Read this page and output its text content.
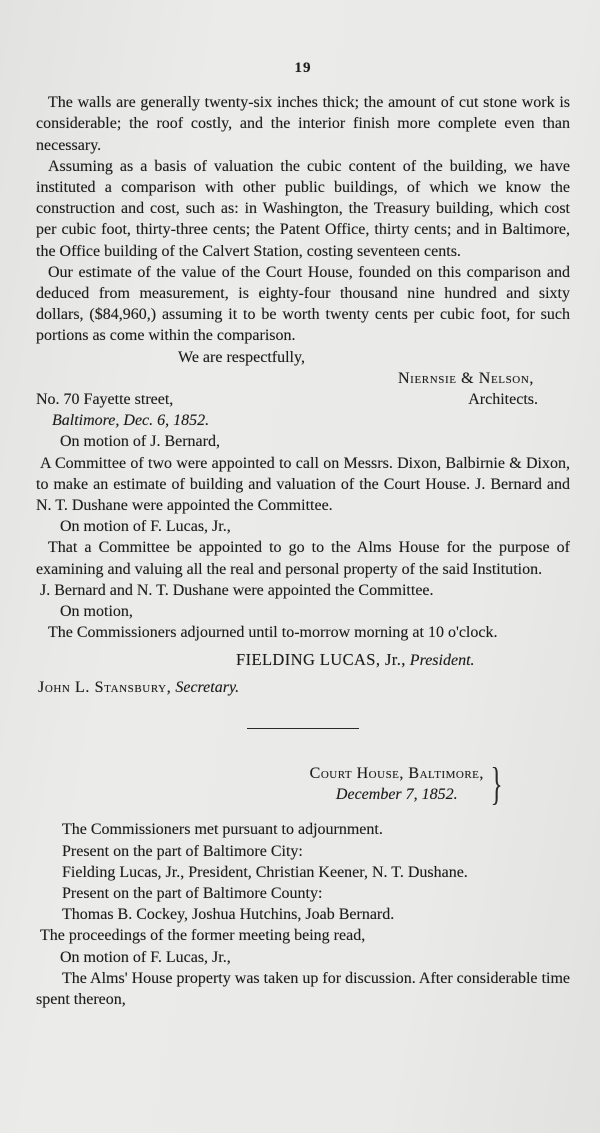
19

The walls are generally twenty-six inches thick; the amount of cut stone work is considerable; the roof costly, and the interior finish more complete even than necessary.

Assuming as a basis of valuation the cubic content of the building, we have instituted a comparison with other public buildings, of which we know the construction and cost, such as: in Washington, the Treasury building, which cost per cubic foot, thirty-three cents; the Patent Office, thirty cents; and in Baltimore, the Office building of the Calvert Station, costing seventeen cents.

Our estimate of the value of the Court House, founded on this comparison and deduced from measurement, is eighty-four thousand nine hundred and sixty dollars, ($84,960,) assuming it to be worth twenty cents per cubic foot, for such portions as come within the comparison.

We are respectfully,

Niernsie & Nelson,

No. 70 Fayette street,	Architects.

Baltimore, Dec. 6, 1852.

On motion of J. Bernard,

A Committee of two were appointed to call on Messrs. Dixon, Balbirnie & Dixon, to make an estimate of building and valuation of the Court House. J. Bernard and N. T. Dushane were appointed the Committee.

On motion of F. Lucas, Jr.,

That a Committee be appointed to go to the Alms House for the purpose of examining and valuing all the real and personal property of the said Institution.

J. Bernard and N. T. Dushane were appointed the Committee.

On motion,

The Commissioners adjourned until to-morrow morning at 10 o'clock.

FIELDING LUCAS, Jr., President.

John L. Stansbury, Secretary.

Court House, Baltimore,
December 7, 1852. }

The Commissioners met pursuant to adjournment.

Present on the part of Baltimore City:

Fielding Lucas, Jr., President, Christian Keener, N. T. Dushane.

Present on the part of Baltimore County:

Thomas B. Cockey, Joshua Hutchins, Joab Bernard.

The proceedings of the former meeting being read,

On motion of F. Lucas, Jr.,

The Alms' House property was taken up for discussion. After considerable time spent thereon,
